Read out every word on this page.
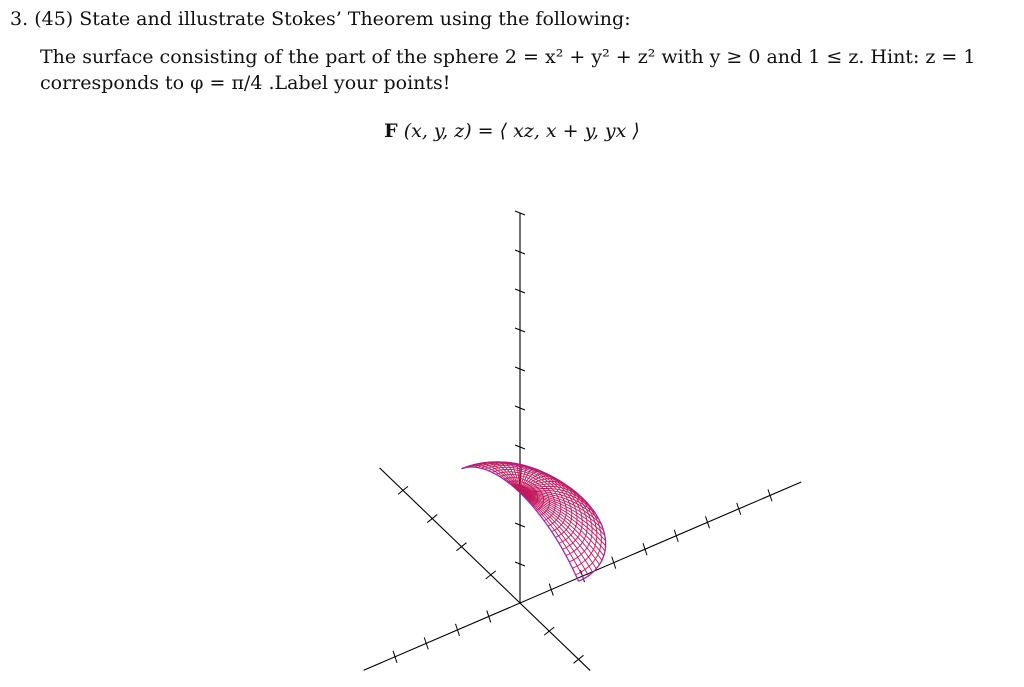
3. (45) State and illustrate Stokes’ Theorem using the following:
The surface consisting of the part of the sphere 2 = x² + y² + z² with y ≥ 0 and 1 ≤ z. Hint: z = 1
corresponds to φ = π/4 .Label your points!
F (x, y, z) = ⟨ xz, x + y, yx ⟩
